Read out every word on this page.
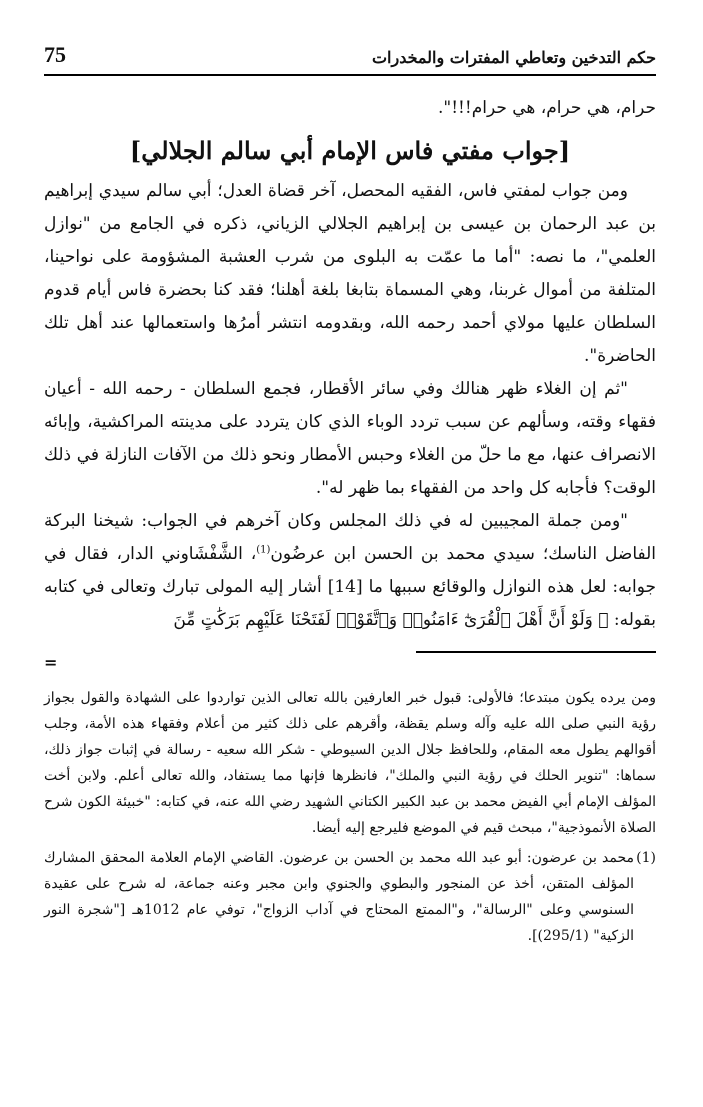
حكم التدخين وتعاطي المفترات والمخدرات
75

حرام، هي حرام، هي حرام!!!".

[جواب مفتي فاس الإمام أبي سالم الجلالي]

ومن جواب لمفتي فاس، الفقيه المحصل، آخر قضاة العدل؛ أبي سالم سيدي إبراهيم بن عبد الرحمان بن عيسى بن إبراهيم الجلالي الزياني، ذكره في الجامع من "نوازل العلمي"، ما نصه: "أما ما عمّت به البلوى من شرب العشبة المشؤومة على نواحينا، المتلفة من أموال غربنا، وهي المسماة بتابغا بلغة أهلنا؛ فقد كنا بحضرة فاس أيام قدوم السلطان عليها مولاي أحمد رحمه الله، وبقدومه انتشر أمرُها واستعمالها عند أهل تلك الحاضرة".

"ثم إن الغلاء ظهر هنالك وفي سائر الأقطار، فجمع السلطان - رحمه الله - أعيان فقهاء وقته، وسألهم عن سبب تردد الوباء الذي كان يتردد على مدينته المراكشية، وإبائه الانصراف عنها، مع ما حلّ من الغلاء وحبس الأمطار ونحو ذلك من الآفات النازلة في ذلك الوقت؟ فأجابه كل واحد من الفقهاء بما ظهر له".

"ومن جملة المجيبين له في ذلك المجلس وكان آخرهم في الجواب: شيخنا البركة الفاضل الناسك؛ سيدي محمد بن الحسن ابن عرضُون$^{(1)}$، الشَّفْشَاوني الدار، فقال في جوابه: لعل هذه النوازل والوقائع سببها ما [14] أشار إليه المولى تبارك وتعالى في كتابه بقوله: ﴿ وَلَوْ أَنَّ أَهْلَ ٱلْقُرَىٰٓ ءَامَنُوا۟ وَٱتَّقَوْا۟ لَفَتَحْنَا عَلَيْهِم بَرَكَٰتٍ مِّنَ

=

ومن يرده يكون مبتدعا؛ فالأولى: قبول خبر العارفين بالله تعالى الذين تواردوا على الشهادة والقول بجواز رؤية النبي صلى الله عليه وآله وسلم يقظة، وأقرهم على ذلك كثير من أعلام وفقهاء هذه الأمة، وجلب أقوالهم يطول معه المقام، وللحافظ جلال الدين السيوطي - شكر الله سعيه - رسالة في إثبات جواز ذلك، سماها: "تنوير الحلك في رؤية النبي والملك"، فانظرها فإنها مما يستفاد، والله تعالى أعلم. ولابن أخت المؤلف الإمام أبي الفيض محمد بن عبد الكبير الكتاني الشهيد رضي الله عنه، في كتابه: "خبيئة الكون شرح الصلاة الأنموذجية"، مبحث قيم في الموضع فليرجع إليه أيضا.

(1)
محمد بن عرضون: أبو عبد الله محمد بن الحسن بن عرضون. القاضي الإمام العلامة المحقق المشارك المؤلف المتقن، أخذ عن المنجور والبطوي والجنوي وابن مجبر وعنه جماعة، له شرح على عقيدة السنوسي وعلى "الرسالة"، و"الممتع المحتاج في آداب الزواج"، توفي عام 1012هـ ["شجرة النور الزكية" (295/1)].
